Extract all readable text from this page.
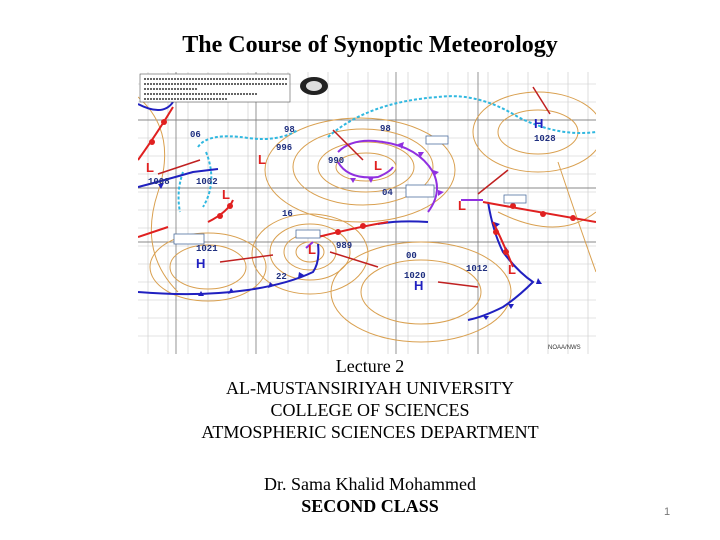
The Course of Synoptic Meteorology
06	98
996
990
98
1008	1002
04
16
1021	989
00
1020
1012
1028
22
L
L	L
L
L
L
L
H
H
H
NOAA/NWS
Lecture 2
AL-MUSTANSIRIYAH UNIVERSITY
COLLEGE OF SCIENCES
ATMOSPHERIC SCIENCES DEPARTMENT
Dr. Sama Khalid Mohammed
SECOND CLASS	1
